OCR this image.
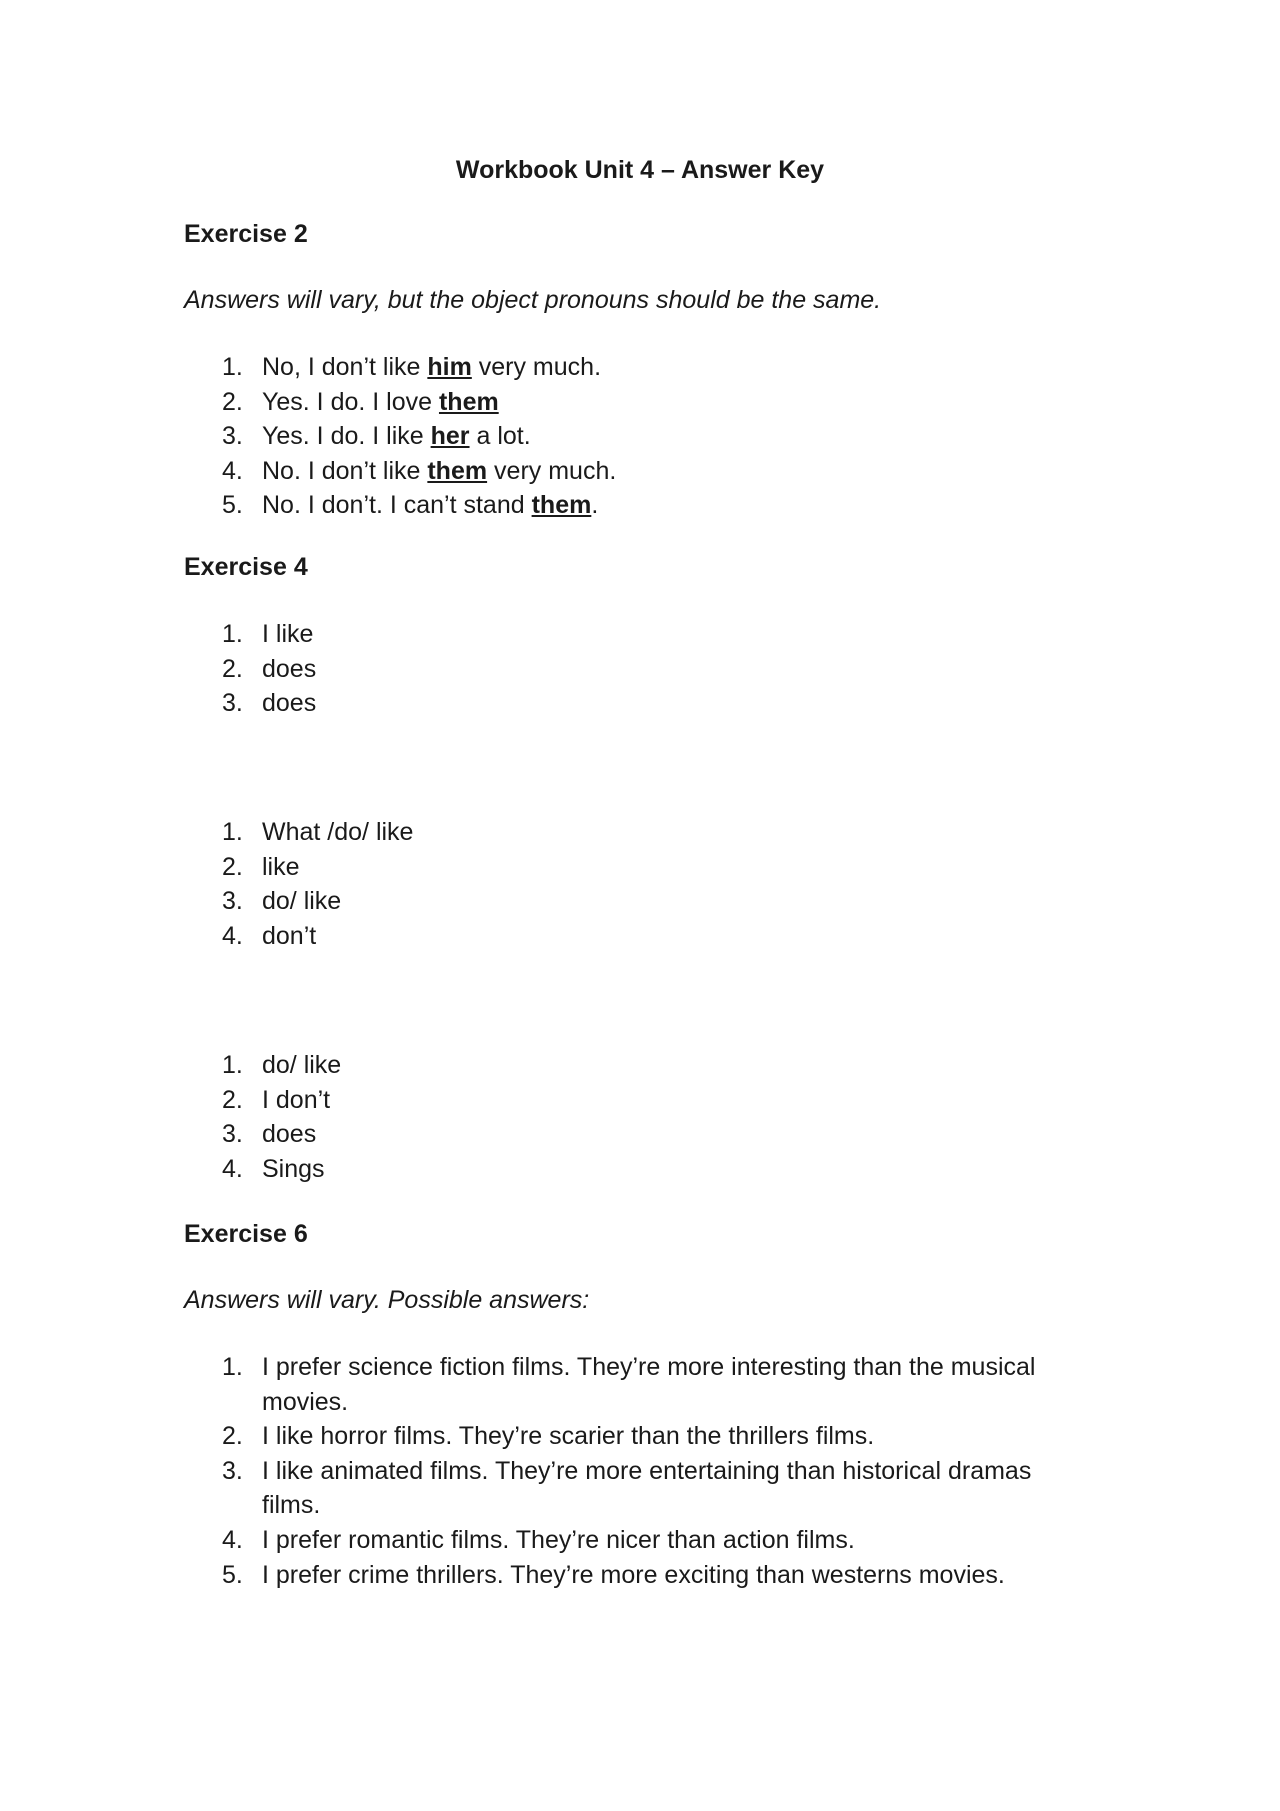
Workbook Unit 4 – Answer Key
Exercise 2
Answers will vary, but the object pronouns should be the same.
1. No, I don’t like him very much.
2. Yes. I do. I love them
3. Yes. I do. I like her a lot.
4. No. I don’t like them very much.
5. No. I don’t. I can’t stand them.
Exercise 4
1. I like
2. does
3. does
1. What /do/ like
2. like
3. do/ like
4. don’t
1. do/ like
2. I don’t
3. does
4. Sings
Exercise 6
Answers will vary. Possible answers:
1. I prefer science fiction films. They’re more interesting than the musical movies.
2. I like horror films. They’re scarier than the thrillers films.
3. I like animated films. They’re more entertaining than historical dramas films.
4. I prefer romantic films. They’re nicer than action films.
5. I prefer crime thrillers. They’re more exciting than westerns movies.
